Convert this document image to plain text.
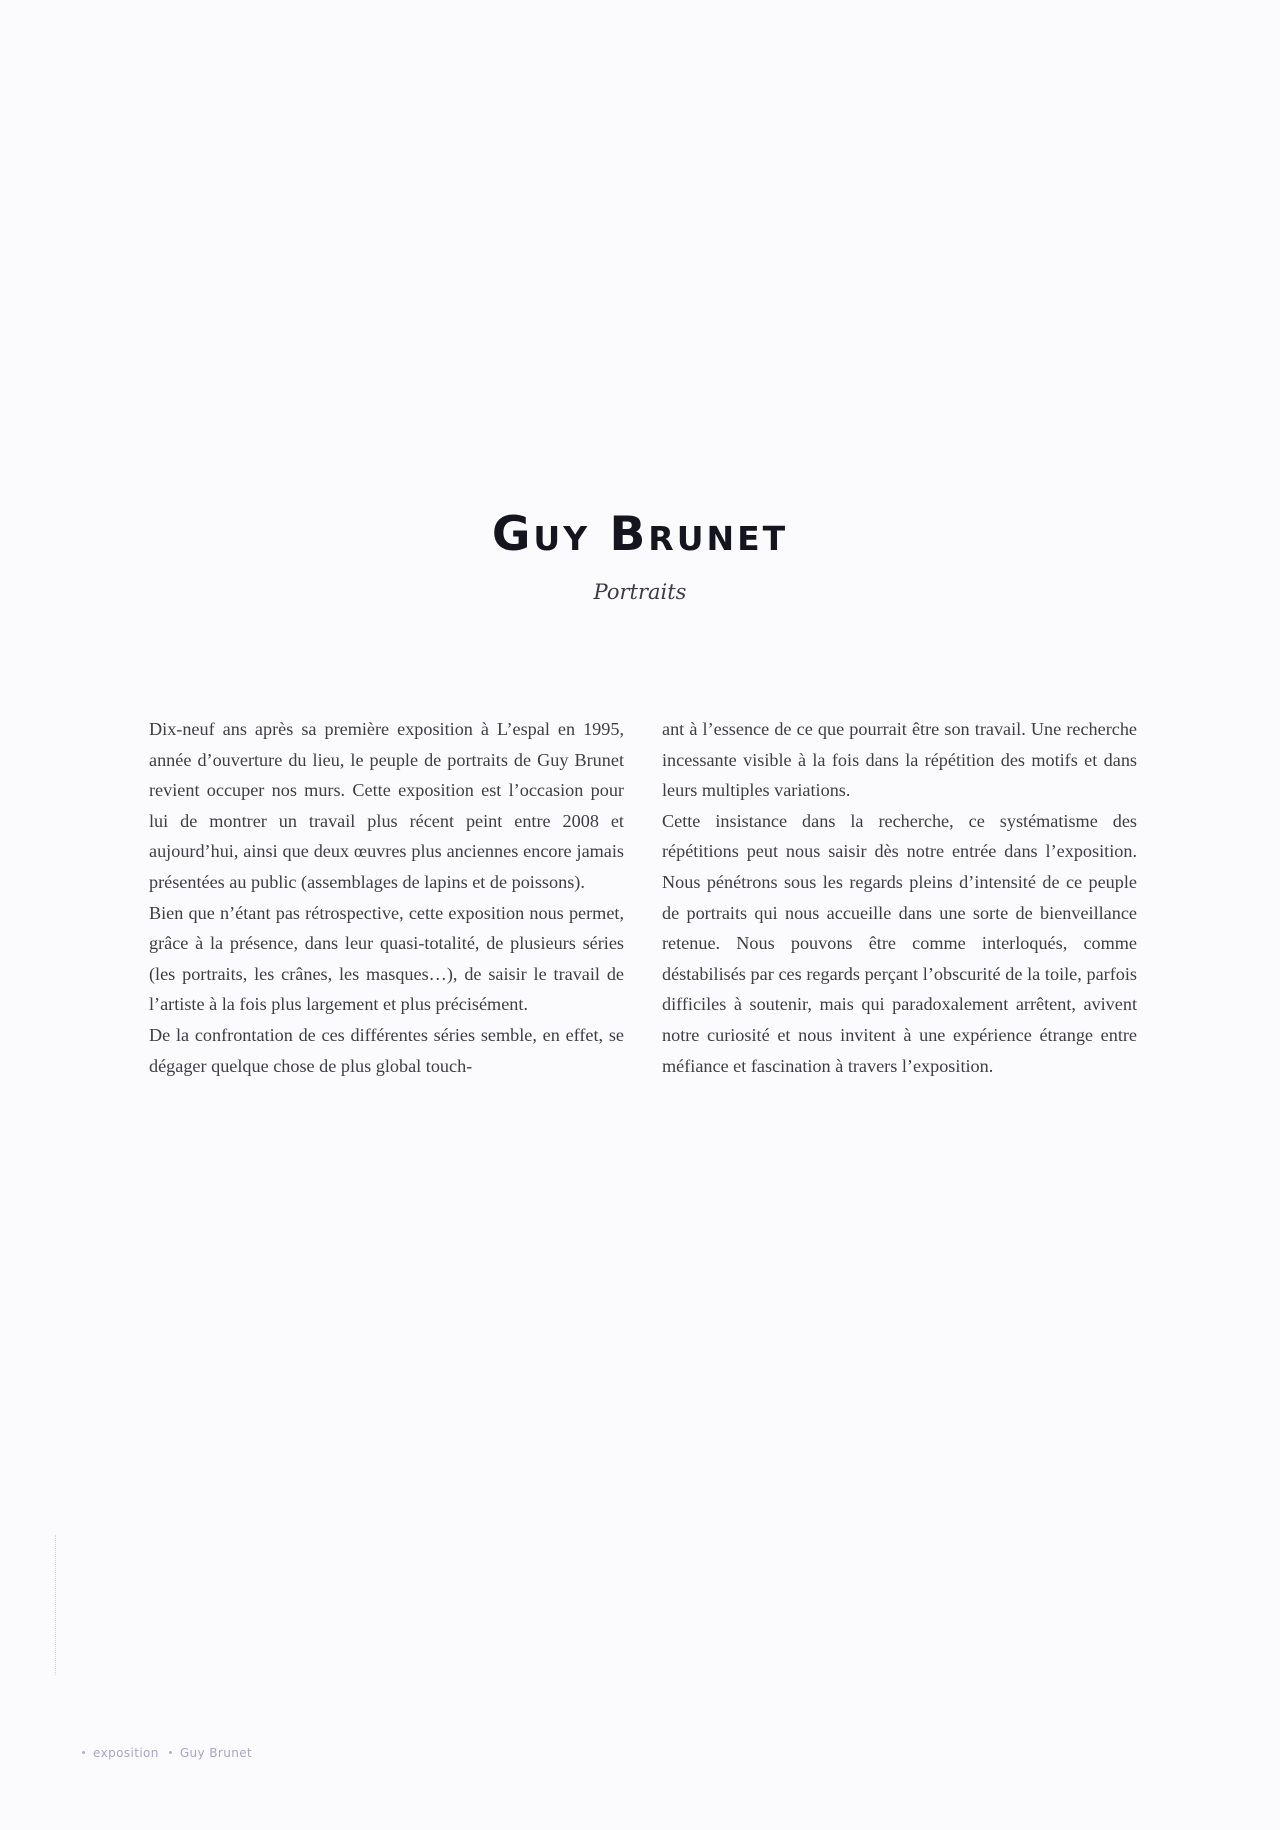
Guy Brunet
Portraits

Dix-neuf ans après sa première exposition à L’espal en 1995, année d’ouverture du lieu, le peuple de portraits de Guy Brunet revient occuper nos murs. Cette exposition est l’occasion pour lui de montrer un travail plus récent peint entre 2008 et aujourd’hui, ainsi que deux œuvres plus anciennes encore jamais présentées au public (assemblages de lapins et de poissons).

Bien que n’étant pas rétrospective, cette exposition nous permet, grâce à la présence, dans leur quasi-totalité, de plusieurs séries (les portraits, les crânes, les masques…), de saisir le travail de l’artiste à la fois plus largement et plus précisément.

De la confrontation de ces différentes séries semble, en effet, se dégager quelque chose de plus global touch-

ant à l’essence de ce que pourrait être son travail. Une recherche incessante visible à la fois dans la répétition des motifs et dans leurs multiples variations.

Cette insistance dans la recherche, ce systématisme des répétitions peut nous saisir dès notre entrée dans l’exposition. Nous pénétrons sous les regards pleins d’intensité de ce peuple de portraits qui nous accueille dans une sorte de bienveillance retenue. Nous pouvons être comme interloqués, comme déstabilisés par ces regards perçant l’obscurité de la toile, parfois difficiles à soutenir, mais qui paradoxalement arrêtent, avivent notre curiosité et nous invitent à une expérience étrange entre méfiance et fascination à travers l’exposition.

exposition Guy Brunet
